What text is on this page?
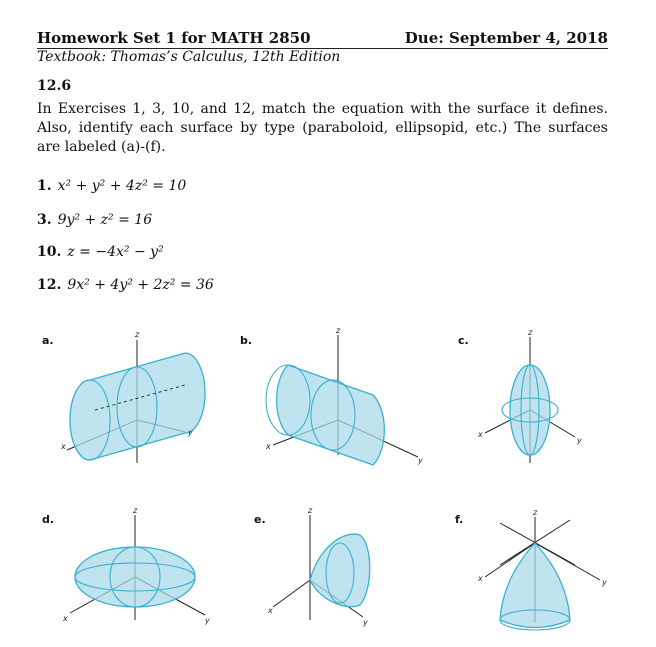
Homework Set 1 for MATH 2850	Due: September 4, 2018
Textbook: Thomas’s Calculus, 12th Edition
12.6
In Exercises 1, 3, 10, and 12, match the equation with the surface it defines. Also, identify each surface by type (paraboloid, ellipsopid, etc.) The surfaces are labeled (a)-(f).
1. x² + y² + 4z² = 10
3. 9y² + z² = 16
10. z = −4x² − y²
12. 9x² + 4y² + 2z² = 36
a.	b.	c.
d.	e.	f.
z
x
y
z
x
y
z
x
y
z
x	y
z
x
y
z
x	y
